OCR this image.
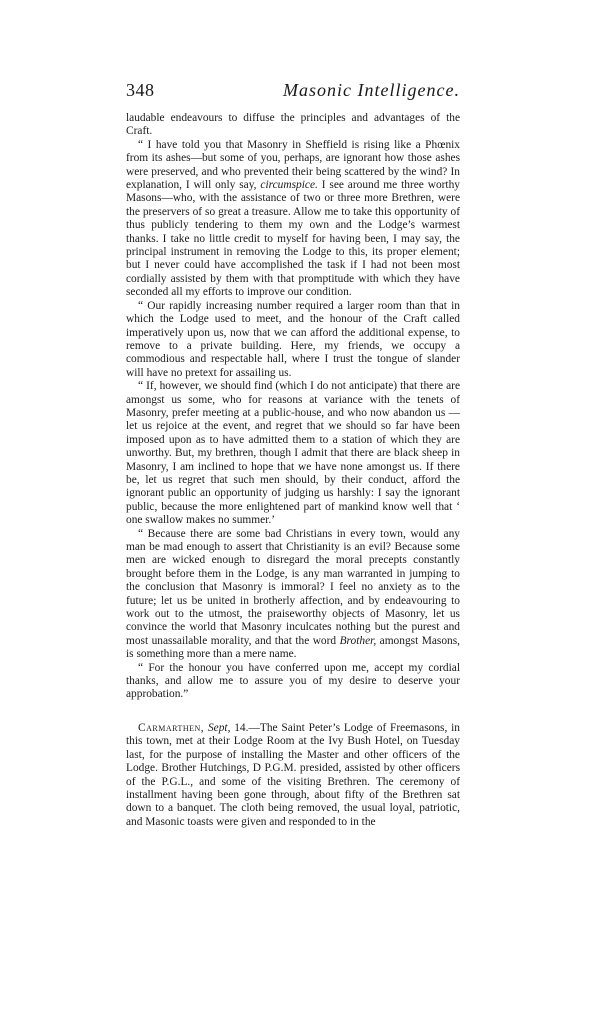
348	Masonic Intelligence.

laudable endeavours to diffuse the principles and advantages of the Craft.

“ I have told you that Masonry in Sheffield is rising like a Phœnix from its ashes—but some of you, perhaps, are ignorant how those ashes were preserved, and who prevented their being scattered by the wind? In explanation, I will only say, circumspice. I see around me three worthy Masons—who, with the assistance of two or three more Brethren, were the preservers of so great a treasure. Allow me to take this opportunity of thus publicly tendering to them my own and the Lodge’s warmest thanks. I take no little credit to myself for having been, I may say, the principal instrument in removing the Lodge to this, its proper element; but I never could have accomplished the task if I had not been most cordially assisted by them with that promptitude with which they have seconded all my efforts to improve our condition.

“ Our rapidly increasing number required a larger room than that in which the Lodge used to meet, and the honour of the Craft called imperatively upon us, now that we can afford the additional expense, to remove to a private building. Here, my friends, we occupy a commodious and respectable hall, where I trust the tongue of slander will have no pretext for assailing us.

“ If, however, we should find (which I do not anticipate) that there are amongst us some, who for reasons at variance with the tenets of Masonry, prefer meeting at a public-house, and who now abandon us —let us rejoice at the event, and regret that we should so far have been imposed upon as to have admitted them to a station of which they are unworthy. But, my brethren, though I admit that there are black sheep in Masonry, I am inclined to hope that we have none amongst us. If there be, let us regret that such men should, by their conduct, afford the ignorant public an opportunity of judging us harshly: I say the ignorant public, because the more enlightened part of mankind know well that ‘ one swallow makes no summer.’

“ Because there are some bad Christians in every town, would any man be mad enough to assert that Christianity is an evil? Because some men are wicked enough to disregard the moral precepts constantly brought before them in the Lodge, is any man warranted in jumping to the conclusion that Masonry is immoral? I feel no anxiety as to the future; let us be united in brotherly affection, and by endeavouring to work out to the utmost, the praiseworthy objects of Masonry, let us convince the world that Masonry inculcates nothing but the purest and most unassailable morality, and that the word Brother, amongst Masons, is something more than a mere name.

“ For the honour you have conferred upon me, accept my cordial thanks, and allow me to assure you of my desire to deserve your approbation.”

Carmarthen, Sept, 14.—The Saint Peter’s Lodge of Freemasons, in this town, met at their Lodge Room at the Ivy Bush Hotel, on Tuesday last, for the purpose of installing the Master and other officers of the Lodge. Brother Hutchings, D P.G.M. presided, assisted by other officers of the P.G.L., and some of the visiting Brethren. The ceremony of installment having been gone through, about fifty of the Brethren sat down to a banquet. The cloth being removed, the usual loyal, patriotic, and Masonic toasts were given and responded to in the
